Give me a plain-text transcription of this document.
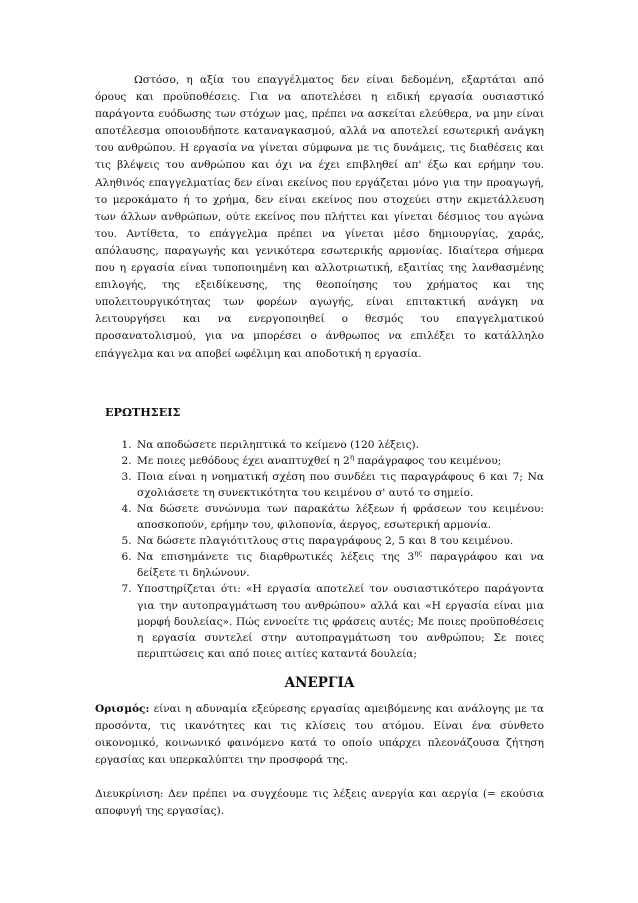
Ωστόσο, η αξία του επαγγέλματος δεν είναι δεδομένη, εξαρτάται από όρους και προϋποθέσεις. Για να αποτελέσει η ειδική εργασία ουσιαστικό παράγοντα ευόδωσης των στόχων μας, πρέπει να ασκείται ελεύθερα, να μην είναι αποτέλεσμα οποιουδήποτε καταναγκασμού, αλλά να αποτελεί εσωτερική ανάγκη του ανθρώπου. Η εργασία να γίνεται σύμφωνα με τις δυνάμεις, τις διαθέσεις και τις βλέψεις του ανθρώπου και όχι να έχει επιβληθεί απ' έξω και ερήμην του. Αληθινός επαγγελματίας δεν είναι εκείνος που εργάζεται μόνο για την προαγωγή, το μεροκάματο ή το χρήμα, δεν είναι εκείνος που στοχεύει στην εκμετάλλευση των άλλων ανθρώπων, ούτε εκείνος που πλήττει και γίνεται δέσμιος του αγώνα του. Αντίθετα, το επάγγελμα πρέπει να γίνεται μέσο δημιουργίας, χαράς, απόλαυσης, παραγωγής και γενικότερα εσωτερικής αρμονίας. Ιδιαίτερα σήμερα που η εργασία είναι τυποποιημένη και αλλοτριωτική, εξαιτίας της λανθασμένης επιλογής, της εξειδίκευσης, της θεοποίησης του χρήματος και της υπολειτουργικότητας των φορέων αγωγής, είναι επιτακτική ανάγκη να λειτουργήσει και να ενεργοποιηθεί ο θεσμός του επαγγελματικού προσανατολισμού, για να μπορέσει ο άνθρωπος να επιλέξει το κατάλληλο επάγγελμα και να αποβεί ωφέλιμη και αποδοτική η εργασία.

ΕΡΩΤΗΣΕΙΣ
1. Να αποδώσετε περιληπτικά το κείμενο (120 λέξεις).
2. Με ποιες μεθόδους έχει αναπτυχθεί η $2^\eta$ παράγραφος του κειμένου;
3. Ποια είναι η νοηματική σχέση που συνδέει τις παραγράφους 6 και 7; Να σχολιάσετε τη συνεκτικότητα του κειμένου σ' αυτό το σημείο.
4. Να δώσετε συνώνυμα των παρακάτω λέξεων ή φράσεων του κειμένου: αποσκοπούν, ερήμην του, φιλοπονία, άεργος, εσωτερική αρμονία.
5. Να δώσετε πλαγιότιτλους στις παραγράφους 2, 5 και 8 του κειμένου.
6. Να επισημάνετε τις διαρθρωτικές λέξεις της $3^{\eta\varsigma}$ παραγράφου και να δείξετε τι δηλώνουν.
7. Υποστηρίζεται ότι: «Η εργασία αποτελεί τον ουσιαστικότερο παράγοντα για την αυτοπραγμάτωση του ανθρώπου» αλλά και «Η εργασία είναι μια μορφή δουλείας». Πώς εννοείτε τις φράσεις αυτές; Με ποιες προϋποθέσεις η εργασία συντελεί στην αυτοπραγμάτωση του ανθρώπου; Σε ποιες περιπτώσεις και από ποιες αιτίες καταντά δουλεία;
ΑΝΕΡΓΙΑ

Ορισμός: είναι η αδυναμία εξεύρεσης εργασίας αμειβόμενης και ανάλογης με τα προσόντα, τις ικανότητες και τις κλίσεις του ατόμου. Είναι ένα σύνθετο οικονομικό, κοινωνικό φαινόμενο κατά το οποίο υπάρχει πλεονάζουσα ζήτηση εργασίας και υπερκαλύπτει την προσφορά της.

Διευκρίνιση: Δεν πρέπει να συγχέουμε τις λέξεις ανεργία και αεργία (= εκούσια αποφυγή της εργασίας).
